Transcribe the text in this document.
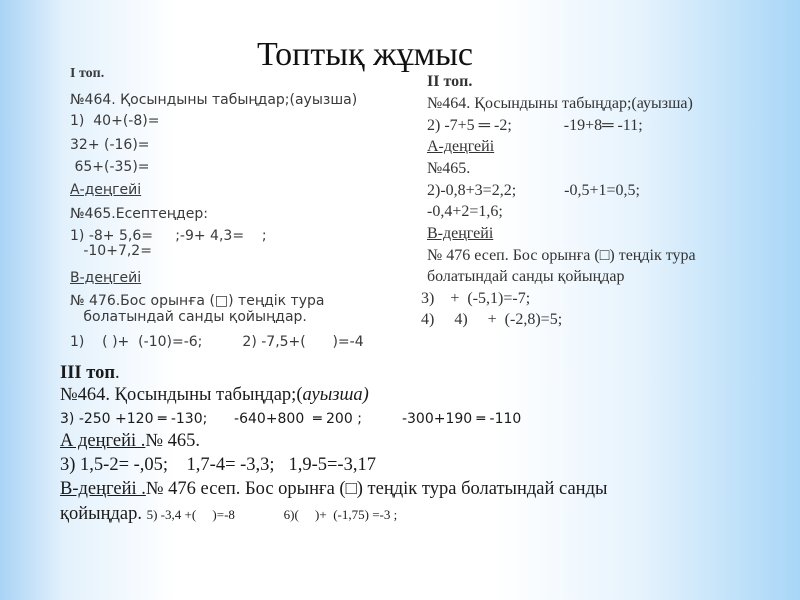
Топтық жұмыс
I топ.
№464. Қосындыны табыңдар;(ауызша)
1)  40+(-8)=
32+ (-16)=
65+(-35)=
А-деңгейі
№465.Есептеңдер:
1) -8+ 5,6=     ;-9+ 4,3=    ;
-10+7,2=
В-деңгейі
№ 476.Бос орынға (□) теңдік тура
болатындай санды қойыңдар.
1)    ( )+  (-10)=-6;         2) -7,5+(      )=-4
II топ.
№464. Қосындыны табыңдар;(ауызша)
2) -7+5 ═ -2;             -19+8═ -11;
А-деңгейі
№465.
2)-0,8+3=2,2;            -0,5+1=0,5;
-0,4+2=1,6;
В-деңгейі
№ 476 есеп. Бос орынға (□) теңдік тура
болатындай санды қойыңдар
3)    +  (-5,1)=-7;
4)     4)     +  (-2,8)=5;
III топ.
№464. Қосындыны табыңдар;(ауызша)
3) -250 +120 ═ -130;      -640+800  ═ 200 ;         -300+190 ═ -110
А деңгейі .№ 465.
3) 1,5-2= -,05;    1,7-4= -3,3;   1,9-5=-3,17
В-деңгейі .№ 476 есеп. Бос орынға (□) теңдік тура болатындай санды
қойыңдар. 5) -3,4 +(     )=-8               6)(     )+  (-1,75) =-3 ;
